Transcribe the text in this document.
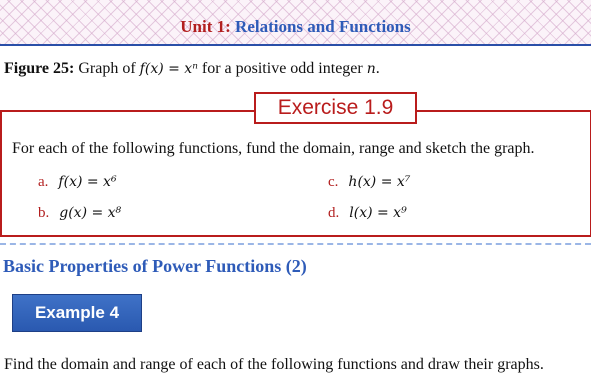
Unit 1: Relations and Functions
Figure 25: Graph of f(x) = xⁿ for a positive odd integer n.
Exercise 1.9
For each of the following functions, fund the domain, range and sketch the graph.
a. f(x) = x⁶	c. h(x) = x⁷
b. g(x) = x⁸	d. l(x) = x⁹
Basic Properties of Power Functions (2)
Example 4
Find the domain and range of each of the following functions and draw their graphs.
